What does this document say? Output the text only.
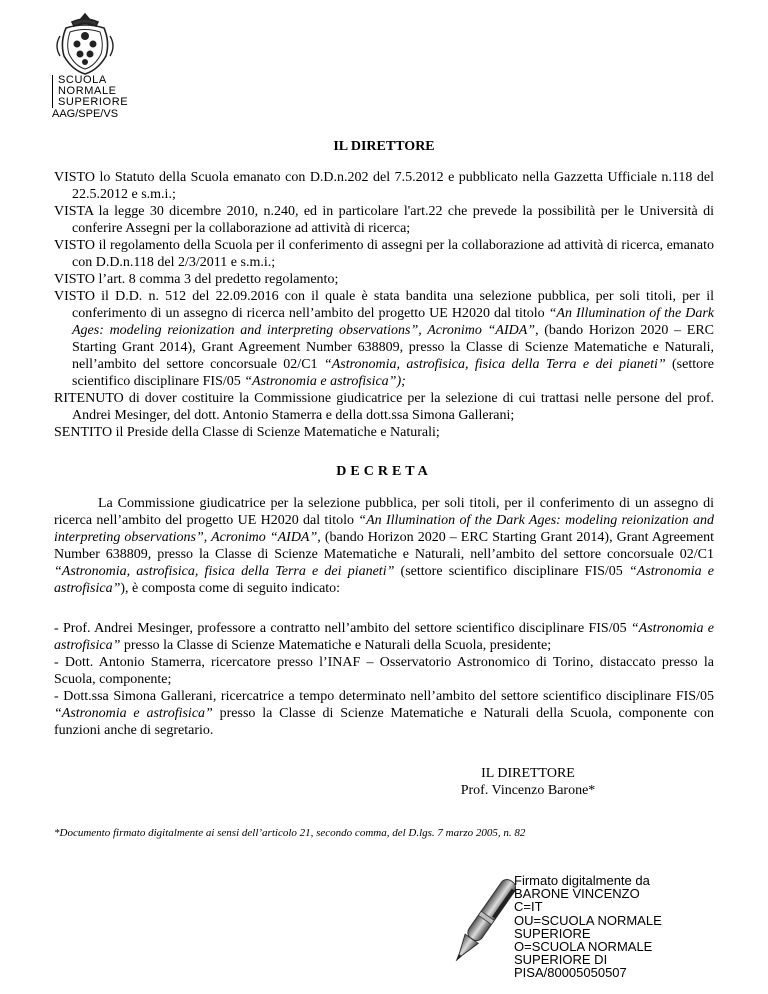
SCUOLA
NORMALE
SUPERIORE
AAG/SPE/VS
IL DIRETTORE

VISTO lo Statuto della Scuola emanato con D.D.n.202 del 7.5.2012 e pubblicato nella Gazzetta Ufficiale n.118 del 22.5.2012 e s.m.i.;

VISTA la legge 30 dicembre 2010, n.240, ed in particolare l'art.22 che prevede la possibilità per le Università di conferire Assegni per la collaborazione ad attività di ricerca;

VISTO il regolamento della Scuola per il conferimento di assegni per la collaborazione ad attività di ricerca, emanato con D.D.n.118 del 2/3/2011 e s.m.i.;

VISTO l’art. 8 comma 3 del predetto regolamento;

VISTO il D.D. n. 512 del 22.09.2016 con il quale è stata bandita una selezione pubblica, per soli titoli, per il conferimento di un assegno di ricerca nell’ambito del progetto UE H2020 dal titolo “An Illumination of the Dark Ages: modeling reionization and interpreting observations”, Acronimo “AIDA”, (bando Horizon 2020 – ERC Starting Grant 2014), Grant Agreement Number 638809, presso la Classe di Scienze Matematiche e Naturali, nell’ambito del settore concorsuale 02/C1 “Astronomia, astrofisica, fisica della Terra e dei pianeti” (settore scientifico disciplinare FIS/05 “Astronomia e astrofisica”);

RITENUTO di dover costituire la Commissione giudicatrice per la selezione di cui trattasi nelle persone del prof. Andrei Mesinger, del dott. Antonio Stamerra e della dott.ssa Simona Gallerani;

SENTITO il Preside della Classe di Scienze Matematiche e Naturali;

DECRETA

La Commissione giudicatrice per la selezione pubblica, per soli titoli, per il conferimento di un assegno di ricerca nell’ambito del progetto UE H2020 dal titolo “An Illumination of the Dark Ages: modeling reionization and interpreting observations”, Acronimo “AIDA”, (bando Horizon 2020 – ERC Starting Grant 2014), Grant Agreement Number 638809, presso la Classe di Scienze Matematiche e Naturali, nell’ambito del settore concorsuale 02/C1 “Astronomia, astrofisica, fisica della Terra e dei pianeti” (settore scientifico disciplinare FIS/05 “Astronomia e astrofisica”), è composta come di seguito indicato:

- Prof. Andrei Mesinger, professore a contratto nell’ambito del settore scientifico disciplinare FIS/05 “Astronomia e astrofisica” presso la Classe di Scienze Matematiche e Naturali della Scuola, presidente;

- Dott. Antonio Stamerra, ricercatore presso l’INAF – Osservatorio Astronomico di Torino, distaccato presso la Scuola, componente;

- Dott.ssa Simona Gallerani, ricercatrice a tempo determinato nell’ambito del settore scientifico disciplinare FIS/05 “Astronomia e astrofisica” presso la Classe di Scienze Matematiche e Naturali della Scuola, componente con funzioni anche di segretario.

IL DIRETTORE
Prof. Vincenzo Barone*
*Documento firmato digitalmente ai sensi dell’articolo 21, secondo comma, del D.lgs. 7 marzo 2005, n. 82
Firmato digitalmente da
BARONE VINCENZO
C=IT
OU=SCUOLA NORMALE
SUPERIORE
O=SCUOLA NORMALE
SUPERIORE DI
PISA/80005050507
